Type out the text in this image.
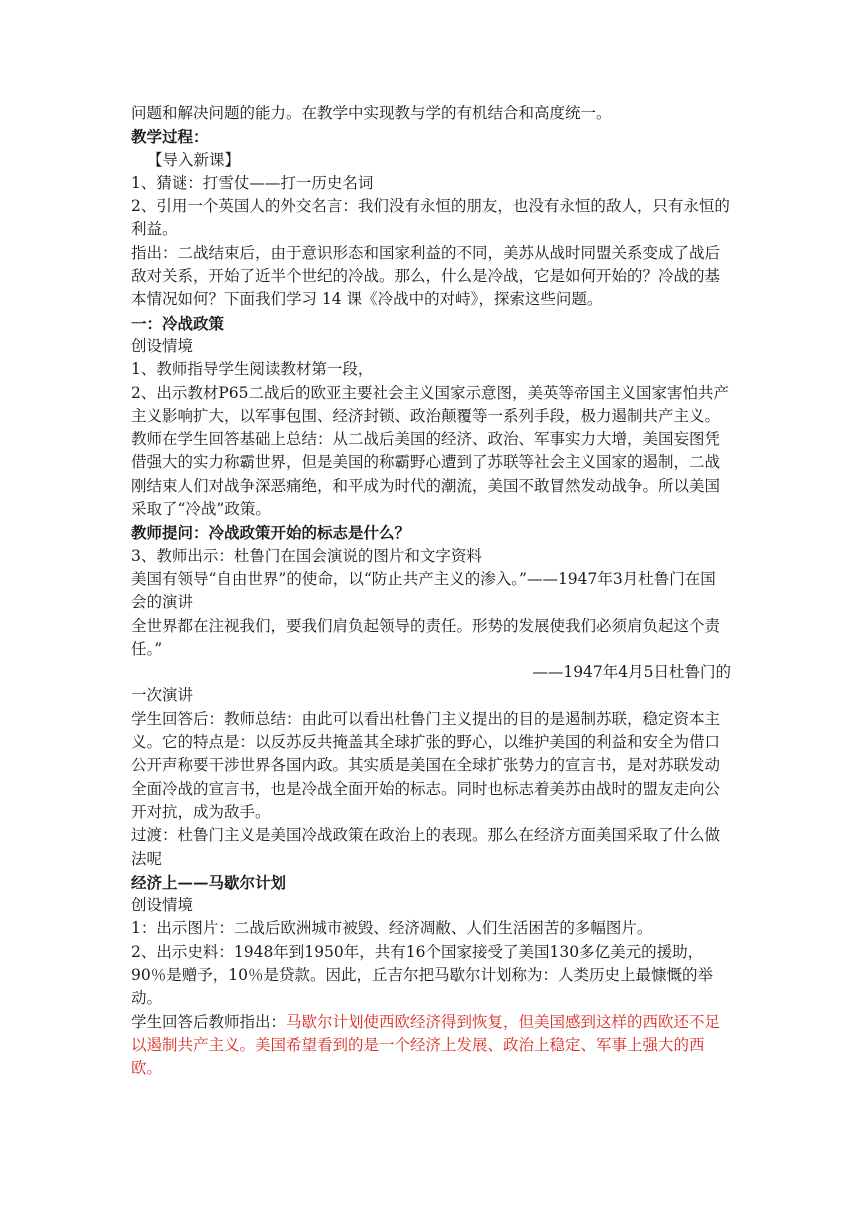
问题和解决问题的能力。在教学中实现教与学的有机结合和高度统一。

教学过程：

【导入新课】

1、猜谜：打雪仗——打一历史名词

2、引用一个英国人的外交名言：我们没有永恒的朋友，也没有永恒的敌人，只有永恒的利益。

指出：二战结束后，由于意识形态和国家利益的不同，美苏从战时同盟关系变成了战后敌对关系，开始了近半个世纪的冷战。那么，什么是冷战，它是如何开始的？冷战的基本情况如何？下面我们学习 14 课《冷战中的对峙》，探索这些问题。

一：冷战政策

创设情境

1、教师指导学生阅读教材第一段，

2、出示教材P65二战后的欧亚主要社会主义国家示意图，美英等帝国主义国家害怕共产主义影响扩大，以军事包围、经济封锁、政治颠覆等一系列手段，极力遏制共产主义。

教师在学生回答基础上总结：从二战后美国的经济、政治、军事实力大增，美国妄图凭借强大的实力称霸世界，但是美国的称霸野心遭到了苏联等社会主义国家的遏制，二战刚结束人们对战争深恶痛绝，和平成为时代的潮流，美国不敢冒然发动战争。所以美国采取了“冷战”政策。

教师提问：冷战政策开始的标志是什么？

3、教师出示：杜鲁门在国会演说的图片和文字资料

美国有领导“自由世界”的使命，以“防止共产主义的渗入。”——1947年3月杜鲁门在国会的演讲

全世界都在注视我们，要我们肩负起领导的责任。形势的发展使我们必须肩负起这个责任。”

——1947年4月5日杜鲁门的

一次演讲

学生回答后：教师总结：由此可以看出杜鲁门主义提出的目的是遏制苏联，稳定资本主义。它的特点是：以反苏反共掩盖其全球扩张的野心，以维护美国的利益和安全为借口公开声称要干涉世界各国内政。其实质是美国在全球扩张势力的宣言书，是对苏联发动全面冷战的宣言书，也是冷战全面开始的标志。同时也标志着美苏由战时的盟友走向公开对抗，成为敌手。

过渡：杜鲁门主义是美国冷战政策在政治上的表现。那么在经济方面美国采取了什么做法呢

经济上——马歇尔计划

创设情境

1：出示图片：二战后欧洲城市被毁、经济凋敝、人们生活困苦的多幅图片。

2、出示史料：1948年到1950年，共有16个国家接受了美国130多亿美元的援助，90％是赠予，10％是贷款。因此，丘吉尔把马歇尔计划称为：人类历史上最慷慨的举动。

学生回答后教师指出：马歇尔计划使西欧经济得到恢复，但美国感到这样的西欧还不足以遏制共产主义。美国希望看到的是一个经济上发展、政治上稳定、军事上强大的西欧。
